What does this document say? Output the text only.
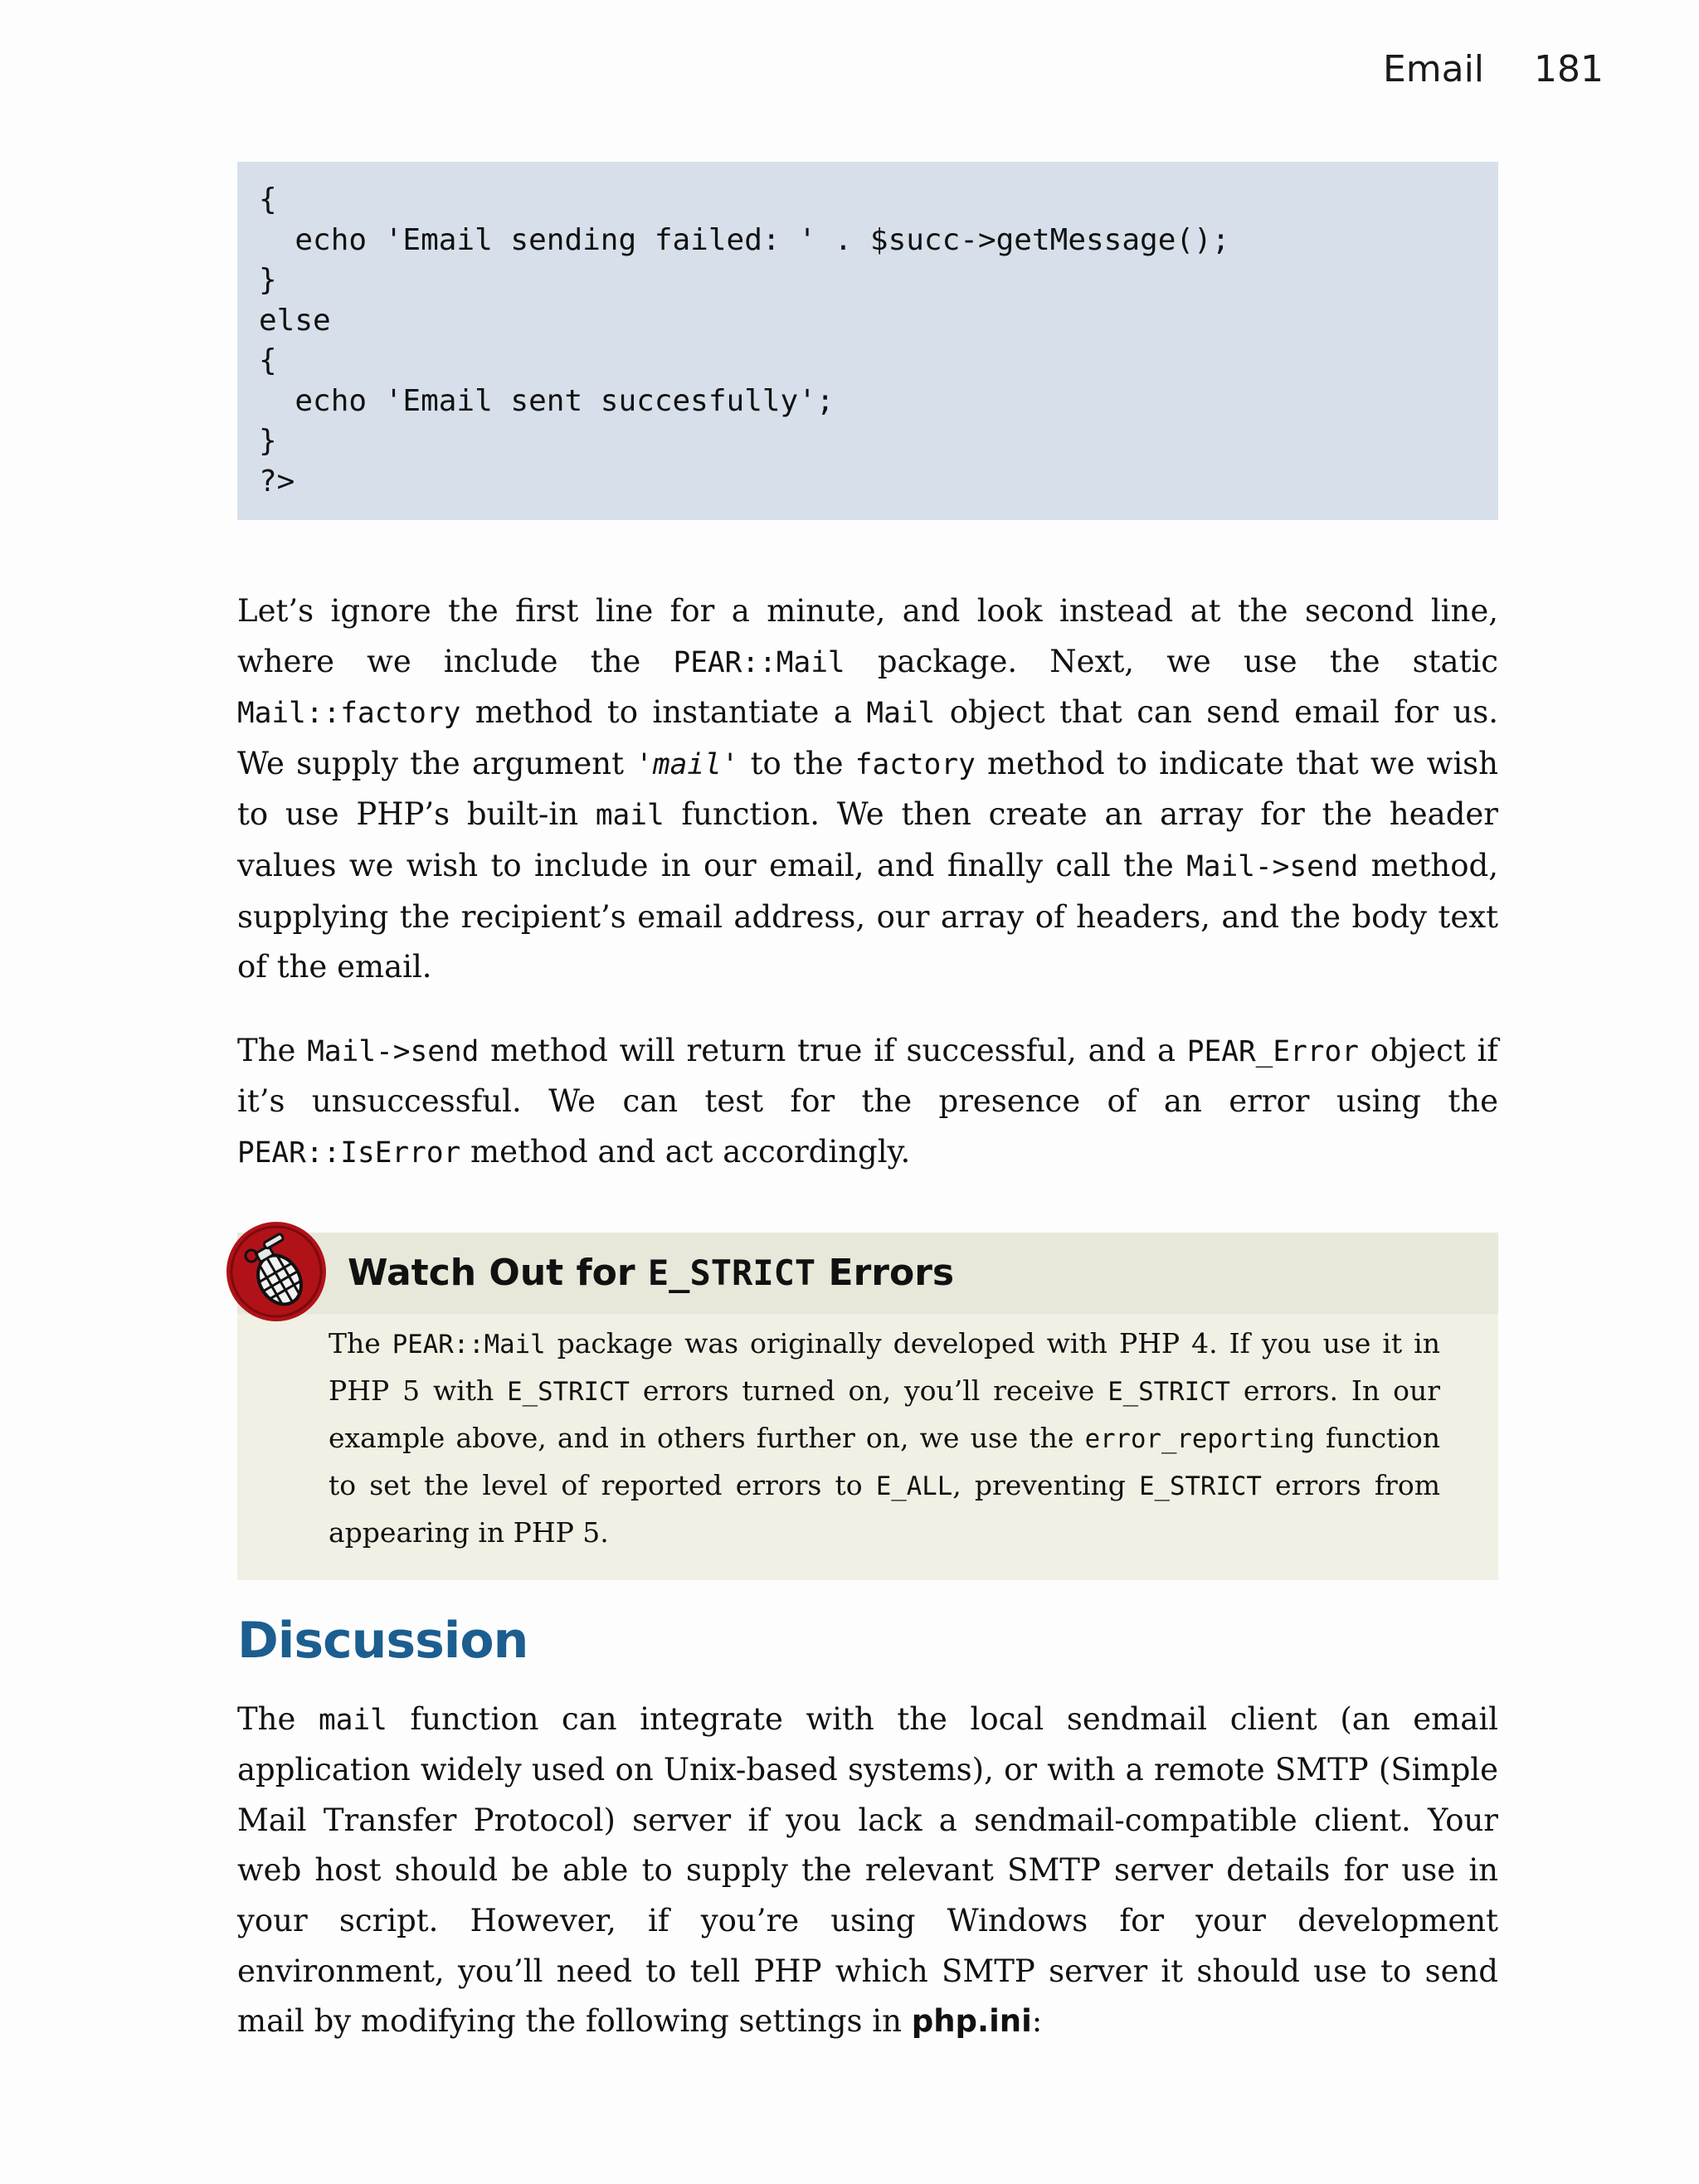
Email 181
{
echo 'Email sending failed: ' . $succ->getMessage();
}
else
{
echo 'Email sent succesfully';
}
?>

Let’s ignore the first line for a minute, and look instead at the second line, where we include the PEAR::Mail package. Next, we use the static Mail::factory method to instantiate a Mail object that can send email for us. We supply the argument 'mail' to the factory method to indicate that we wish to use PHP’s built-in mail function. We then create an array for the header values we wish to include in our email, and finally call the Mail->send method, supplying the recipient’s email address, our array of headers, and the body text of the email.

The Mail->send method will return true if successful, and a PEAR_Error object if it’s unsuccessful. We can test for the presence of an error using the PEAR::IsError method and act accordingly.

Watch Out for E_STRICT Errors
The PEAR::Mail package was originally developed with PHP 4. If you use it in PHP 5 with E_STRICT errors turned on, you’ll receive E_STRICT errors. In our example above, and in others further on, we use the error_reporting function to set the level of reported errors to E_ALL, preventing E_STRICT errors from appearing in PHP 5.
Discussion

The mail function can integrate with the local sendmail client (an email application widely used on Unix-based systems), or with a remote SMTP (Simple Mail Transfer Protocol) server if you lack a sendmail-compatible client. Your web host should be able to supply the relevant SMTP server details for use in your script. However, if you’re using Windows for your development environment, you’ll need to tell PHP which SMTP server it should use to send mail by modifying the following settings in php.ini:
